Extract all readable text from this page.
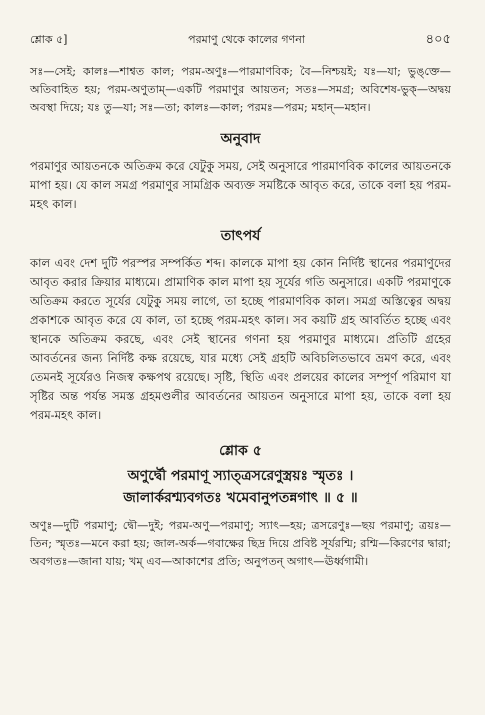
শ্লোক ৫]	পরমাণু থেকে কালের গণনা	৪০৫

সঃ—সেই; কালঃ—শাশ্বত কাল; পরম-অণুঃ—পারমাণবিক; বৈ—নিশ্চয়ই; যঃ—যা; ভুঙ্‌ক্তে—অতিবাহিত হয়; পরম-অণুতাম্—একটি পরমাণুর আয়তন; সতঃ—সমগ্র; অবিশেষ-ভুক্—অদ্বয় অবস্থা দিয়ে; যঃ তু—যা; সঃ—তা; কালঃ—কাল; পরমঃ—পরম; মহান্—মহান।

অনুবাদ

পরমাণুর আয়তনকে অতিক্রম করে যেটুকু সময়, সেই অনুসারে পারমাণবিক কালের আয়তনকে মাপা হয়। যে কাল সমগ্র পরমাণুর সামগ্রিক অব্যক্ত সমষ্টিকে আবৃত করে, তাকে বলা হয় পরম-মহৎ কাল।

তাৎপর্য

কাল এবং দেশ দুটি পরস্পর সম্পর্কিত শব্দ। কালকে মাপা হয় কোন নির্দিষ্ট স্থানের পরমাণুদের আবৃত করার ক্রিয়ার মাধ্যমে। প্রামাণিক কাল মাপা হয় সূর্যের গতি অনুসারে। একটি পরমাণুকে অতিক্রম করতে সূর্যের যেটুকু সময় লাগে, তা হচ্ছে পারমাণবিক কাল। সমগ্র অস্তিত্বের অদ্বয় প্রকাশকে আবৃত করে যে কাল, তা হচ্ছে পরম-মহৎ কাল। সব কয়টি গ্রহ আবর্তিত হচ্ছে এবং স্থানকে অতিক্রম করছে, এবং সেই স্থানের গণনা হয় পরমাণুর মাধ্যমে। প্রতিটি গ্রহের আবর্তনের জন্য নির্দিষ্ট কক্ষ রয়েছে, যার মধ্যে সেই গ্রহটি অবিচলিতভাবে ভ্রমণ করে, এবং তেমনই সূর্যেরও নিজস্ব কক্ষপথ রয়েছে। সৃষ্টি, স্থিতি এবং প্রলয়ের কালের সম্পূর্ণ পরিমাণ যা সৃষ্টির অন্ত পর্যন্ত সমস্ত গ্রহমণ্ডলীর আবর্তনের আয়তন অনুসারে মাপা হয়, তাকে বলা হয় পরম-মহৎ কাল।

শ্লোক ৫
অণুর্দ্বৌ পরমাণূ স্যাত্ত্রসরেণুস্ত্রয়ঃ স্মৃতঃ ।
জালার্করশ্ম্যবগতঃ খমেবানুপতন্নগাৎ ॥ ৫ ॥

অণুঃ—দুটি পরমাণু; দ্বৌ—দুই; পরম-অণু—পরমাণু; স্যাৎ—হয়; ত্রসরেণুঃ—ছয় পরমাণু; ত্রয়ঃ—তিন; স্মৃতঃ—মনে করা হয়; জাল-অর্ক—গবাক্ষের ছিদ্র দিয়ে প্রবিষ্ট সূর্যরশ্মি; রশ্মি—কিরণের দ্বারা; অবগতঃ—জানা যায়; খম্ এব—আকাশের প্রতি; অনুপতন্ অগাৎ—ঊর্ধ্বগামী।
